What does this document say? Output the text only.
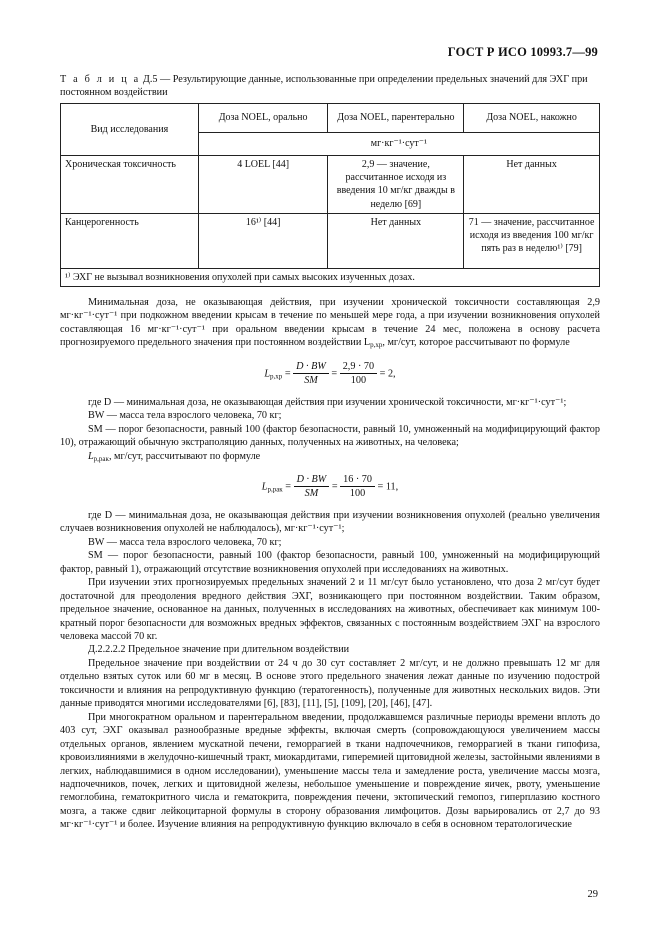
ГОСТ Р ИСО 10993.7—99
Т а б л и ц а Д.5 — Результирующие данные, использованные при определении предельных значений для ЭХГ при постоянном воздействии
Вид исследования	Доза NOEL, орально	Доза NOEL, парентерально	Доза NOEL, накожно
	мг·кг⁻¹·сут⁻¹		
Хроническая токсичность	4 LOEL [44]	2,9 — значение, рассчитанное исходя из введения 10 мг/кг дважды в неделю [69]	Нет данных
Канцерогенность	16¹⁾ [44]	Нет данных	71 — значение, рассчитанное исходя из введения 100 мг/кг пять раз в неделю¹⁾ [79]
¹⁾ ЭХГ не вызывал возникновения опухолей при самых высоких изученных дозах.			

Минимальная доза, не оказывающая действия, при изучении хронической токсичности составляющая 2,9 мг·кг⁻¹·сут⁻¹ при подкожном введении крысам в течение по меньшей мере года, а при изучении возникновения опухолей составляющая 16 мг·кг⁻¹·сут⁻¹ при оральном введении крысам в течение 24 мес, положена в основу расчета прогнозируемого предельного значения при постоянном воздействии $L_{p,xp}$, мг/сут, которое рассчитывают по формуле

$L_{p,xp} = \frac{D \cdot BW}{SM} = \frac{2,9 \cdot 70}{100} = 2$,

где D — минимальная доза, не оказывающая действия при изучении хронической токсичности, мг·кг⁻¹·сут⁻¹;

BW — масса тела взрослого человека, 70 кг;

SM — порог безопасности, равный 100 (фактор безопасности, равный 10, умноженный на модифицирующий фактор 10), отражающий обычную экстраполяцию данных, полученных на животных, на человека;

$L_{p,рак}$, мг/сут, рассчитывают по формуле

$L_{p,рак} = \frac{D \cdot BW}{SM} = \frac{16 \cdot 70}{100} = 11$,

где D — минимальная доза, не оказывающая действия при изучении возникновения опухолей (реально увеличения случаев возникновения опухолей не наблюдалось), мг·кг⁻¹·сут⁻¹;

BW — масса тела взрослого человека, 70 кг;

SM — порог безопасности, равный 100 (фактор безопасности, равный 100, умноженный на модифицирующий фактор, равный 1), отражающий отсутствие возникновения опухолей при исследованиях на животных.

При изучении этих прогнозируемых предельных значений 2 и 11 мг/сут было установлено, что доза 2 мг/сут будет достаточной для преодоления вредного действия ЭХГ, возникающего при постоянном воздействии. Таким образом, предельное значение, основанное на данных, полученных в исследованиях на животных, обеспечивает как минимум 100-кратный порог безопасности для возможных вредных эффектов, связанных с постоянным воздействием ЭХГ на взрослого человека массой 70 кг.

Д.2.2.2.2 Предельное значение при длительном воздействии

Предельное значение при воздействии от 24 ч до 30 сут составляет 2 мг/сут, и не должно превышать 12 мг для отдельно взятых суток или 60 мг в месяц. В основе этого предельного значения лежат данные по изучению подострой токсичности и влияния на репродуктивную функцию (тератогенность), полученные для животных нескольких видов. Эти данные приводятся многими исследователями [6], [83], [11], [5], [109], [20], [46], [47].

При многократном оральном и парентеральном введении, продолжавшемся различные периоды времени вплоть до 403 сут, ЭХГ оказывал разнообразные вредные эффекты, включая смерть (сопровождающуюся увеличением массы отдельных органов, явлением мускатной печени, геморрагией в ткани надпочечников, геморрагией в ткани гипофиза, кровоизлияниями в желудочно-кишечный тракт, миокардитами, гиперемией щитовидной железы, застойными явлениями в легких, наблюдавшимися в одном исследовании), уменьшение массы тела и замедление роста, увеличение массы мозга, надпочечников, почек, легких и щитовидной железы, небольшое уменьшение и повреждение яичек, рвоту, уменьшение гемоглобина, гематокритного числа и гематокрита, повреждения печени, эктопический гемопоз, гиперплазию костного мозга, а также сдвиг лейкоцитарной формулы в сторону образования лимфоцитов. Дозы варьировались от 2,7 до 93 мг·кг⁻¹·сут⁻¹ и более. Изучение влияния на репродуктивную функцию включало в себя в основном тератологические

29
